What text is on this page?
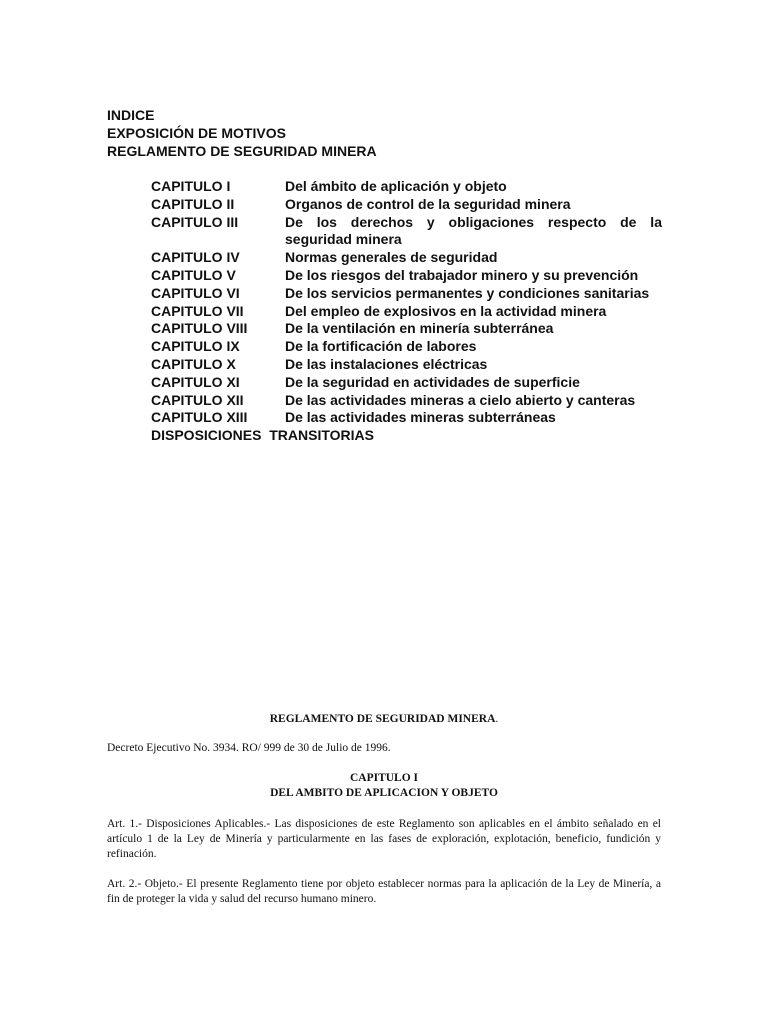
INDICE

EXPOSICIÓN DE MOTIVOS

REGLAMENTO DE SEGURIDAD MINERA

CAPITULO I	Del ámbito de aplicación y objeto
CAPITULO II	Organos de control de la seguridad minera
CAPITULO III	De los derechos y obligaciones respecto de la seguridad minera
CAPITULO IV	Normas generales de seguridad
CAPITULO V	De los riesgos del trabajador minero y su prevención
CAPITULO VI	De los servicios permanentes y condiciones sanitarias
CAPITULO VII	Del empleo de explosivos en la actividad minera
CAPITULO VIII	De la ventilación en minería subterránea
CAPITULO IX	De la fortificación de labores
CAPITULO X	De las instalaciones eléctricas
CAPITULO XI	De la seguridad en actividades de superficie
CAPITULO XII	De las actividades mineras a cielo abierto y canteras
CAPITULO XIII	De las actividades mineras subterráneas
DISPOSICIONES  TRANSITORIAS
REGLAMENTO DE SEGURIDAD MINERA.
Decreto Ejecutivo No. 3934. RO/ 999 de 30 de Julio de 1996.
CAPITULO I
DEL AMBITO DE APLICACION Y OBJETO
Art. 1.- Disposiciones Aplicables.- Las disposiciones de este Reglamento son aplicables en el ámbito señalado en el artículo 1 de la Ley de Minería y particularmente en las fases de exploración, explotación, beneficio, fundición y refinación.
Art. 2.- Objeto.- El presente Reglamento tiene por objeto establecer normas para la aplicación de la Ley de Minería, a fin de proteger la vida y salud del recurso humano minero.
